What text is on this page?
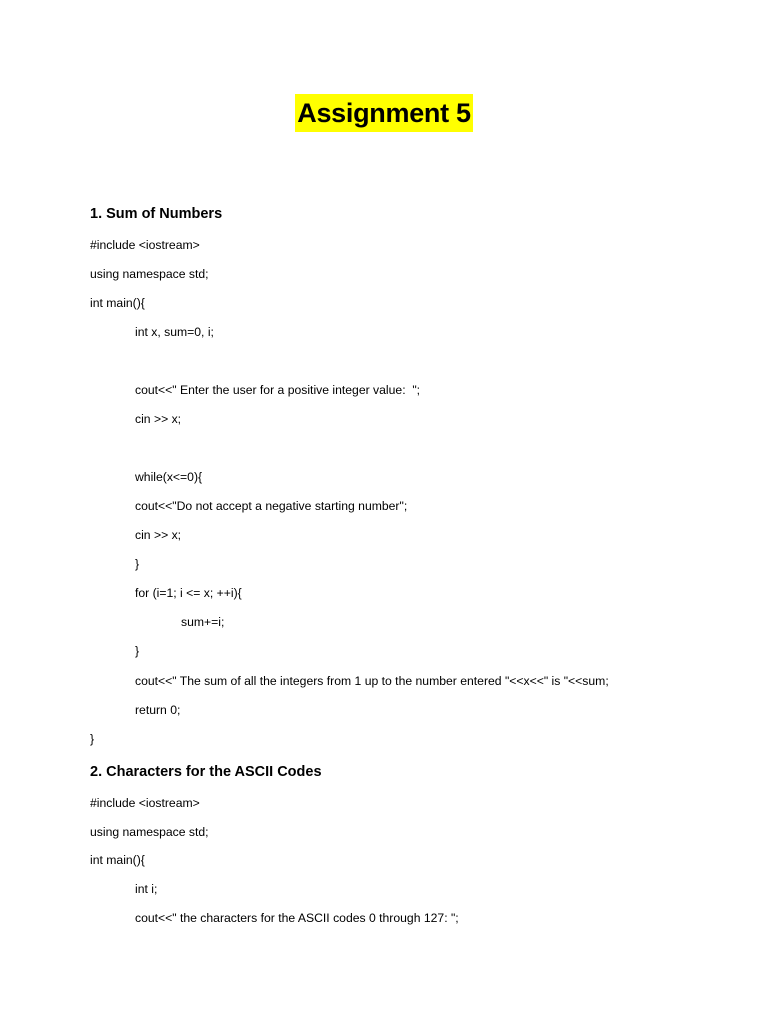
Assignment 5
1. Sum of Numbers
#include <iostream>
using namespace std;
int main(){
int x, sum=0, i;
cout<<" Enter the user for a positive integer value:  ";
cin >> x;
while(x<=0){
cout<<"Do not accept a negative starting number";
cin >> x;
}
for (i=1; i <= x; ++i){
sum+=i;
}
cout<<" The sum of all the integers from 1 up to the number entered "<<x<<" is "<<sum;
return 0;
}
2. Characters for the ASCII Codes
#include <iostream>
using namespace std;
int main(){
int i;
cout<<" the characters for the ASCII codes 0 through 127: ";
